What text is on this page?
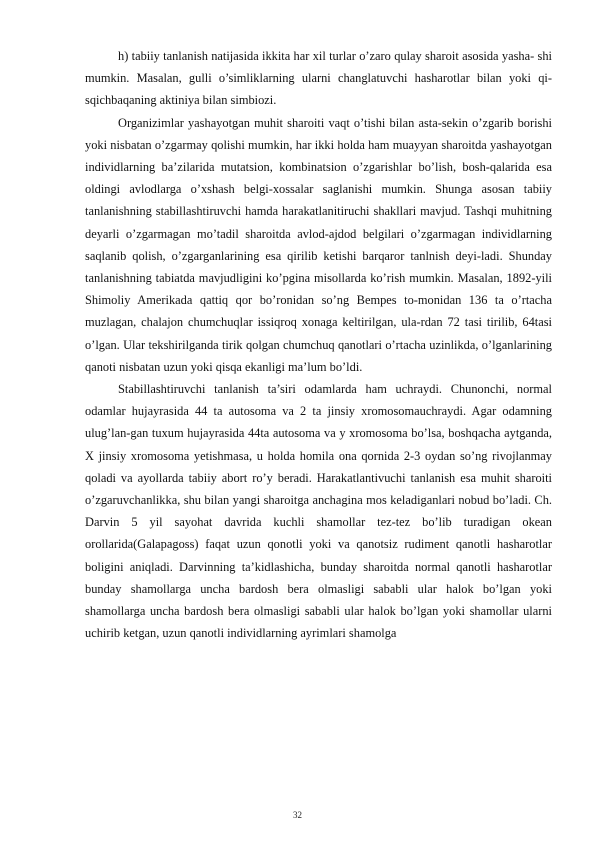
h) tabiiy tanlanish natijasida ikkita har xil turlar o’zaro qulay sharoit asosida yasha- shi mumkin. Masalan, gulli o’simliklarning ularni changlatuvchi hasharotlar bilan yoki qi- sqichbaqaning aktiniya bilan simbiozi.

Organizimlar yashayotgan muhit sharoiti vaqt o’tishi bilan asta-sekin o’zgarib borishi yoki nisbatan o’zgarmay qolishi mumkin, har ikki holda ham muayyan sharoitda yashayotgan individlarning ba’zilarida mutatsion, kombinatsion o’zgarishlar bo’lish, bosh-qalarida esa oldingi avlodlarga o’xshash belgi-xossalar saglanishi mumkin. Shunga asosan tabiiy tanlanishning stabillashtiruvchi hamda harakatlanitiruchi shakllari mavjud. Tashqi muhitning deyarli o’zgarmagan mo’tadil sharoitda avlod-ajdod belgilari o’zgarmagan individlarning saqlanib qolish, o’zgarganlarining esa qirilib ketishi barqaror tanlnish deyi-ladi. Shunday tanlanishning tabiatda mavjudligini ko’pgina misollarda ko’rish mumkin. Masalan, 1892-yili Shimoliy Amerikada qattiq qor bo’ronidan so’ng Bempes to-monidan 136 ta o’rtacha muzlagan, chalajon chumchuqlar issiqroq xonaga keltirilgan, ula-rdan 72 tasi tirilib, 64tasi o’lgan. Ular tekshirilganda tirik qolgan chumchuq qanotlari o’rtacha uzinlikda, o’lganlarining qanoti nisbatan uzun yoki qisqa ekanligi ma’lum bo’ldi.

Stabillashtiruvchi tanlanish ta’siri odamlarda ham uchraydi. Chunonchi, normal odamlar hujayrasida 44 ta autosoma va 2 ta jinsiy xromosomauchraydi. Agar odamning ulug’lan-gan tuxum hujayrasida 44ta autosoma va y xromosoma bo’lsa, boshqacha aytganda, X jinsiy xromosoma yetishmasa, u holda homila ona qornida 2-3 oydan so’ng rivojlanmay qoladi va ayollarda tabiiy abort ro’y beradi. Harakatlantivuchi tanlanish esa muhit sharoiti o’zgaruvchanlikka, shu bilan yangi sharoitga anchagina mos keladiganlari nobud bo’ladi. Ch. Darvin 5 yil sayohat davrida kuchli shamollar tez-tez bo’lib turadigan okean orollarida(Galapagoss) faqat uzun qonotli yoki va qanotsiz rudiment qanotli hasharotlar boligini aniqladi. Darvinning ta’kidlashicha, bunday sharoitda normal qanotli hasharotlar bunday shamollarga uncha bardosh bera olmasligi sababli ular halok bo’lgan yoki shamollarga uncha bardosh bera olmasligi sababli ular halok bo’lgan yoki shamollar ularni uchirib ketgan, uzun qanotli individlarning ayrimlari shamolga

32
